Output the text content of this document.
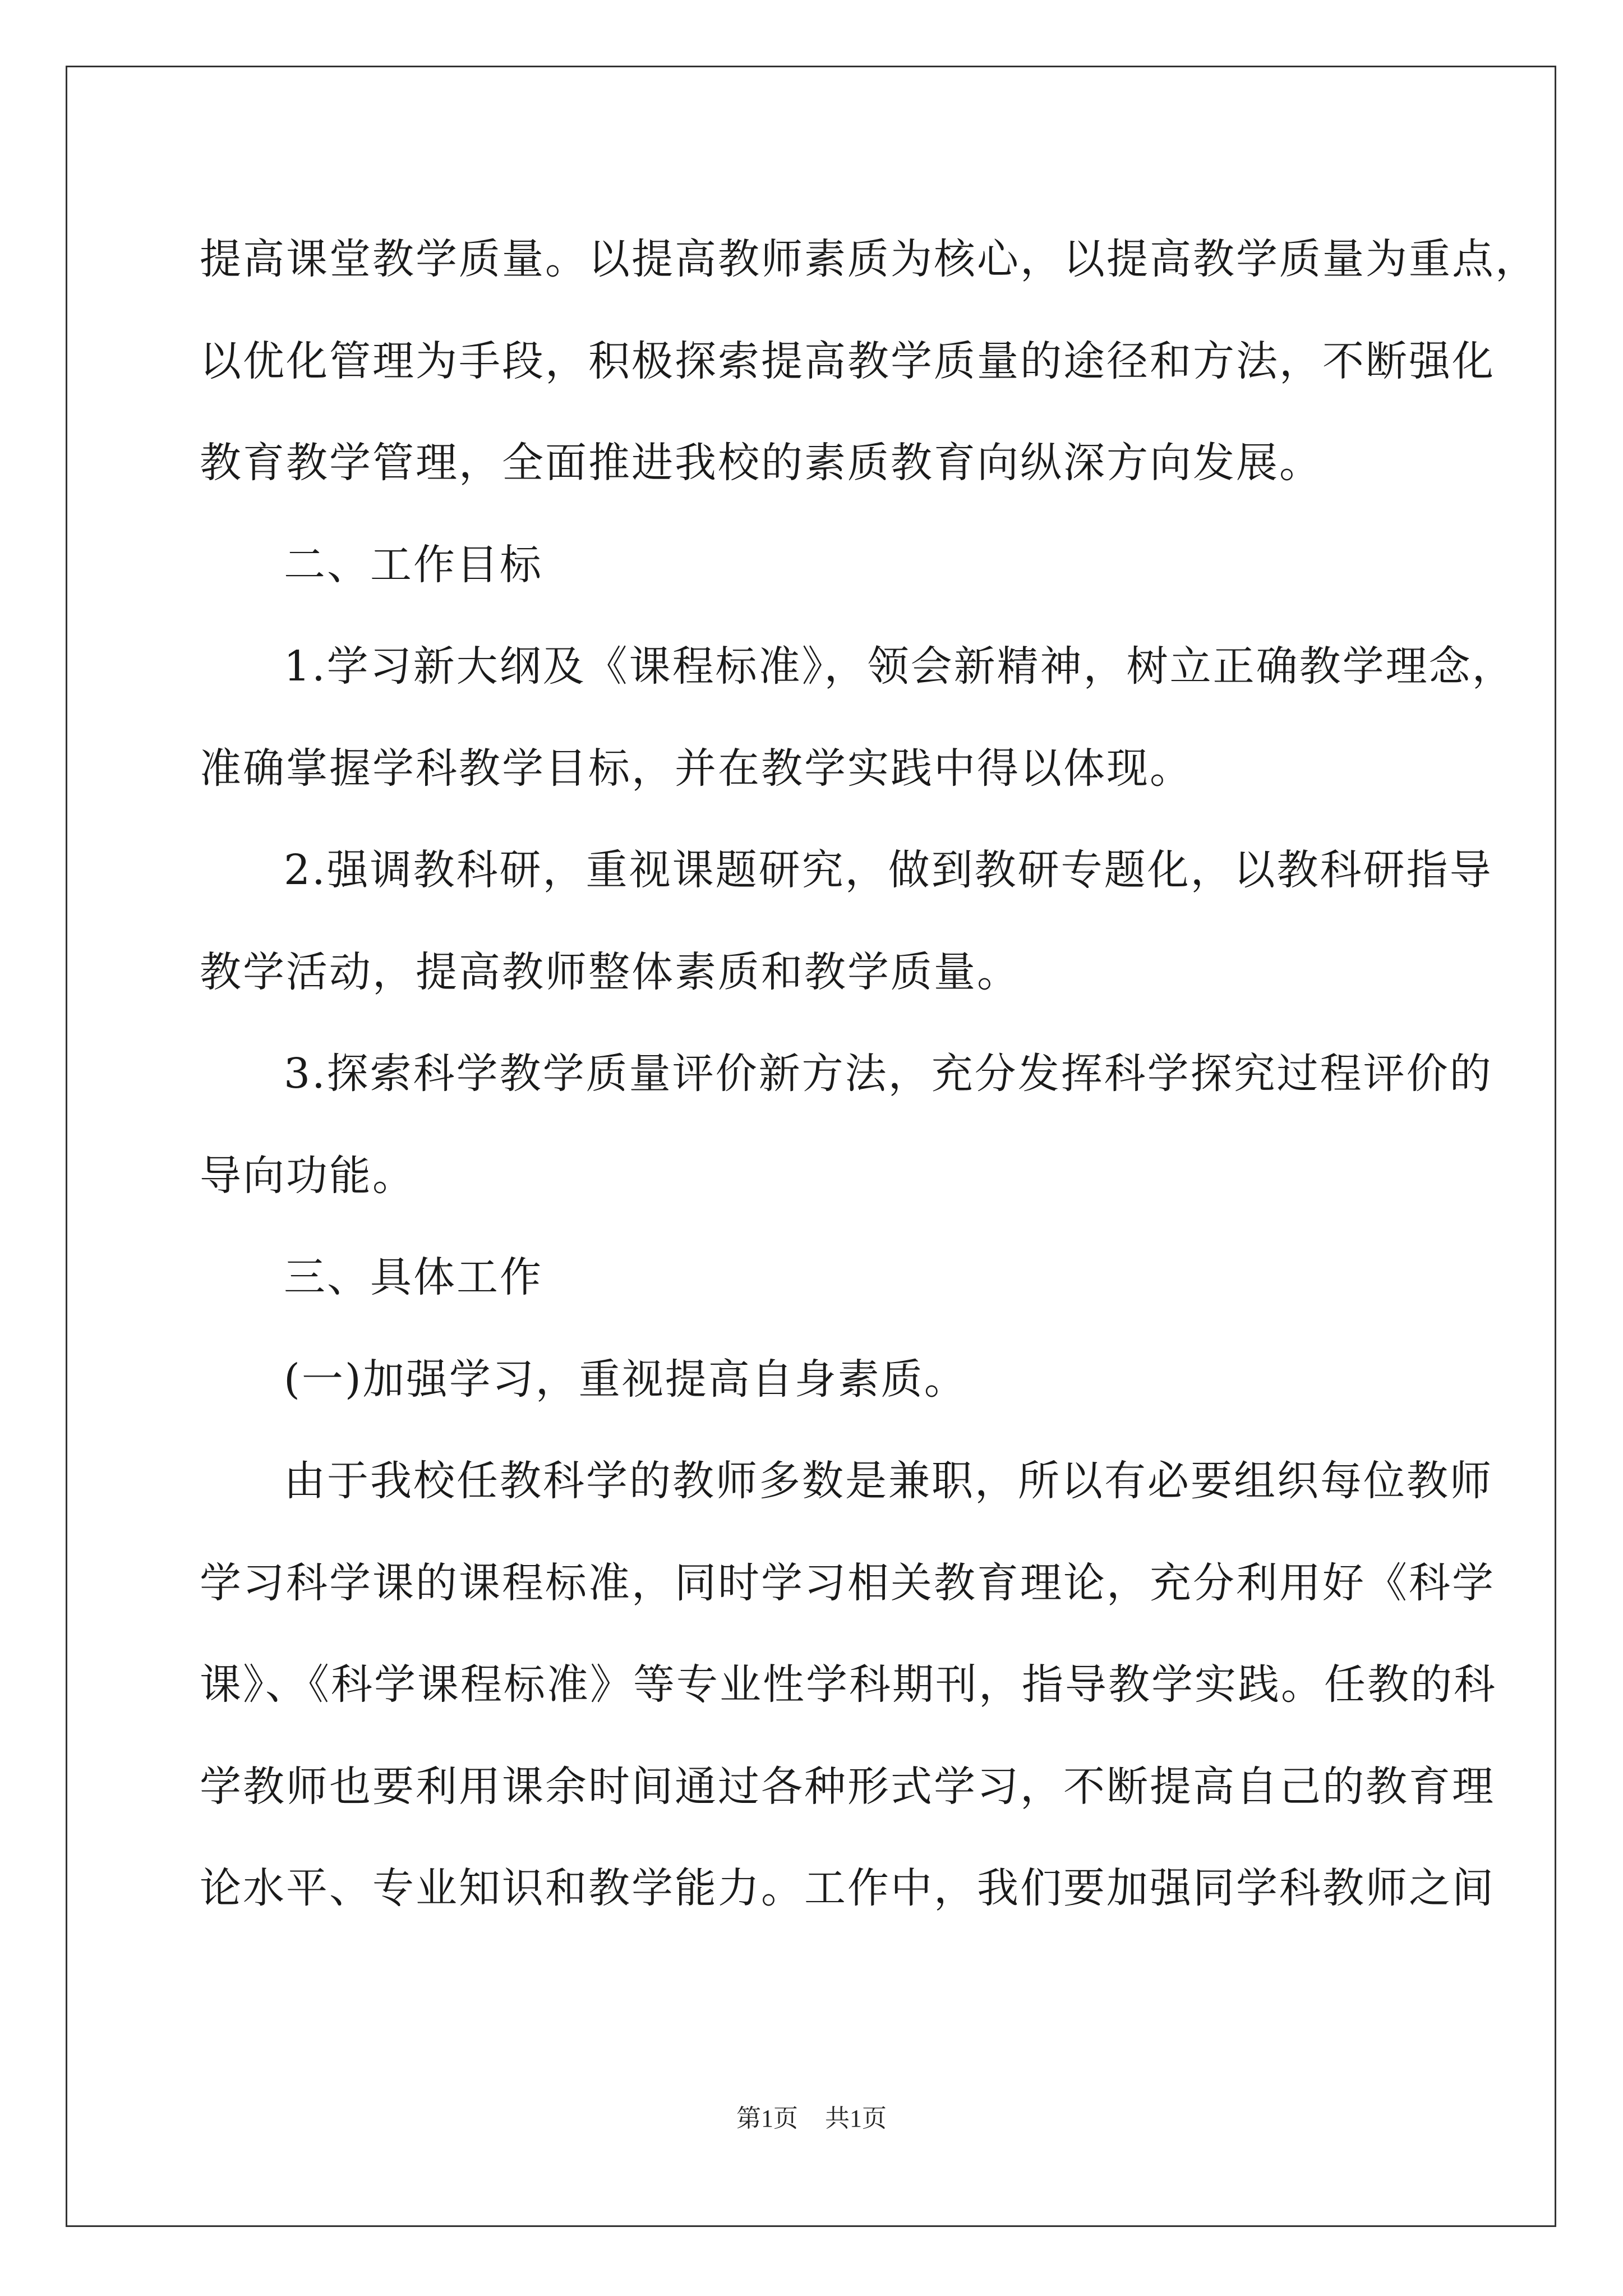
提高课堂教学质量。以提高教师素质为核心，以提高教学质量为重点，
以优化管理为手段，积极探索提高教学质量的途径和方法，不断强化
教育教学管理，全面推进我校的素质教育向纵深方向发展。
二、工作目标
1.学习新大纲及《课程标准》，领会新精神，树立正确教学理念，
准确掌握学科教学目标，并在教学实践中得以体现。
2.强调教科研，重视课题研究，做到教研专题化，以教科研指导
教学活动，提高教师整体素质和教学质量。
3.探索科学教学质量评价新方法，充分发挥科学探究过程评价的
导向功能。
三、具体工作
(一)加强学习，重视提高自身素质。
由于我校任教科学的教师多数是兼职，所以有必要组织每位教师
学习科学课的课程标准，同时学习相关教育理论，充分利用好《科学
课》、《科学课程标准》等专业性学科期刊，指导教学实践。任教的科
学教师也要利用课余时间通过各种形式学习，不断提高自己的教育理
论水平、专业知识和教学能力。工作中，我们要加强同学科教师之间
第1页 共1页
